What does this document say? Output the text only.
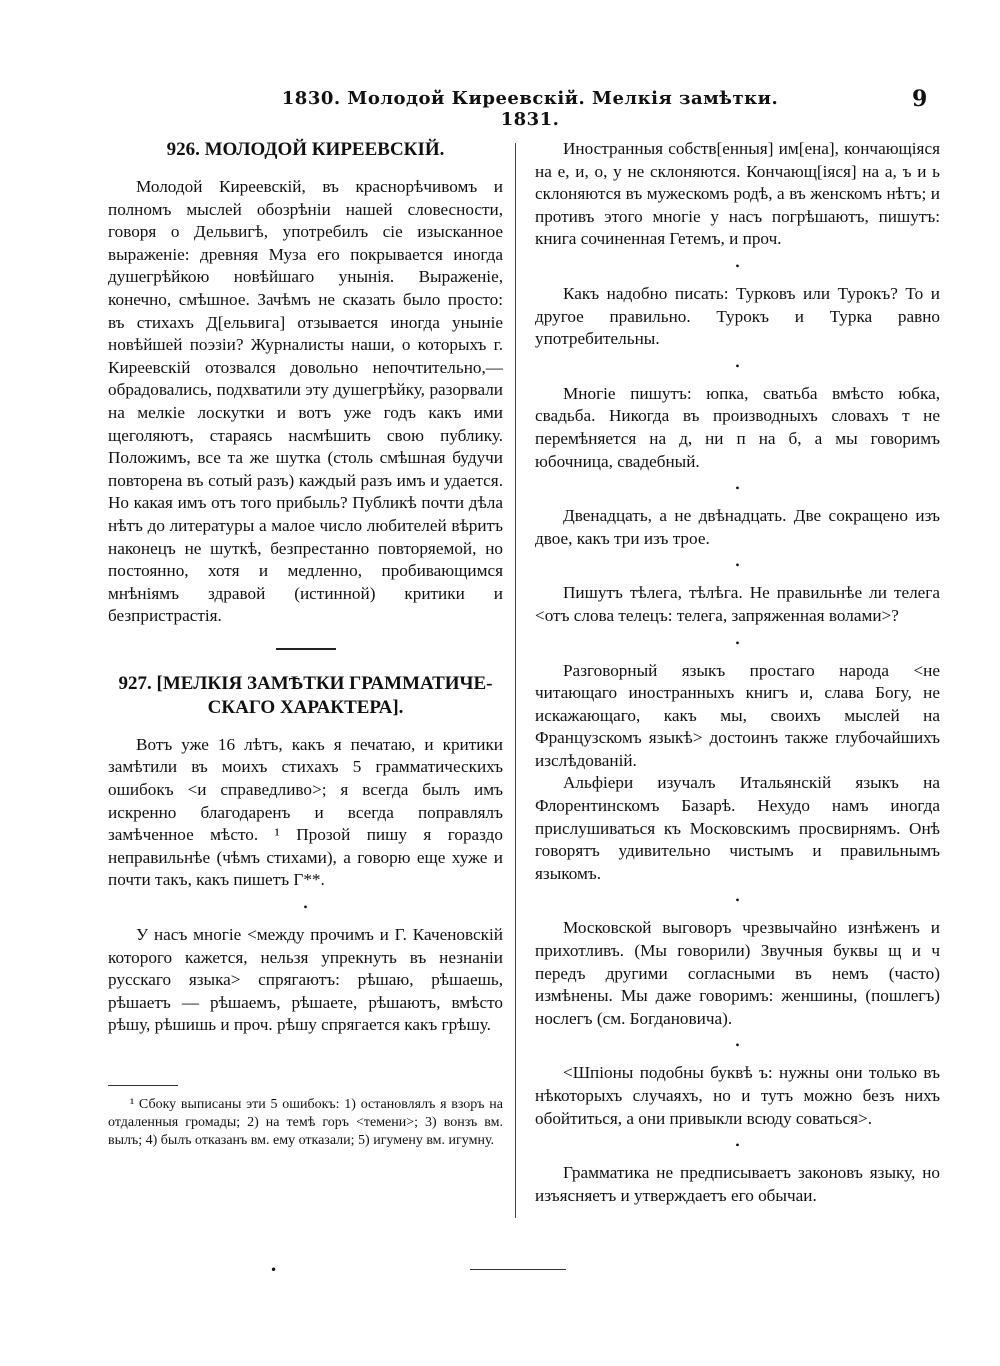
1830. Молодой Киреевскій. Мелкія замѣтки. 1831.
9
926. МОЛОДОЙ КИРЕЕВСКІЙ.

Молодой Киреевскій, въ краснорѣчивомъ и полномъ мыслей обозрѣніи нашей словесности, говоря о Дельвигѣ, употребилъ сіе изысканное выраженіе: древняя Муза его покрывается иногда душегрѣйкою новѣйшаго унынія. Выраженіе, конечно, смѣшное. Зачѣмъ не сказать было просто: въ стихахъ Д[ельвига] отзывается иногда уныніе новѣйшей поэзіи? Журналисты наши, о которыхъ г. Киреевскій отозвался довольно непочтительно,—обрадовались, подхватили эту душегрѣйку, разорвали на мелкіе лоскутки и вотъ уже годъ какъ ими щеголяютъ, стараясь насмѣшить свою публику. Положимъ, все та же шутка (столь смѣшная будучи повторена въ сотый разъ) каждый разъ имъ и удается. Но какая имъ отъ того прибыль? Публикѣ почти дѣла нѣтъ до литературы а малое число любителей вѣритъ наконецъ не шуткѣ, безпрестанно повторяемой, но постоянно, хотя и медленно, пробивающимся мнѣніямъ здравой (истинной) критики и безпристрастія.

927. [МЕЛКІЯ ЗАМѢТКИ ГРАММАТИЧЕ-
СКАГО ХАРАКТЕРА].

Вотъ уже 16 лѣтъ, какъ я печатаю, и критики замѣтили въ моихъ стихахъ 5 грамматическихъ ошибокъ <и справедливо>; я всегда былъ имъ искренно благодаренъ и всегда поправлялъ замѣченное мѣсто. ¹ Прозой пишу я гораздо неправильнѣе (чѣмъ стихами), а говорю еще хуже и почти такъ, какъ пишетъ Г**.

•

У насъ многіе <между прочимъ и Г. Каченовскій которого кажется, нельзя упрекнуть въ незнаніи русскаго языка> спрягаютъ: рѣшаю, рѣшаешь, рѣшаетъ — рѣшаемъ, рѣшаете, рѣшаютъ, вмѣсто рѣшу, рѣшишь и проч. рѣшу спрягается какъ грѣшу.

¹ Сбоку выписаны эти 5 ошибокъ: 1) остановлялъ я взоръ на отдаленныя громады; 2) на темѣ горъ <темени>; 3) вонзъ вм. вылъ; 4) былъ отказанъ вм. ему отказали; 5) игумену вм. игумну.

Иностранныя собств[енныя] им[ена], кончающіяся на е, и, о, у не склоняются. Кончающ[іяся] на а, ъ и ь склоняются въ мужескомъ родѣ, а въ женскомъ нѣтъ; и противъ этого многіе у насъ погрѣшаютъ, пишутъ: книга сочиненная Гетемъ, и проч.

•

Какъ надобно писать: Турковъ или Турокъ? То и другое правильно. Турокъ и Турка равно употребительны.

•

Многіе пишутъ: юпка, сватьба вмѣсто юбка, свадьба. Никогда въ производныхъ словахъ т не перемѣняется на д, ни п на б, а мы говоримъ юбочница, свадебный.

•

Двенадцать, а не двѣнадцать. Две сокращено изъ двое, какъ три изъ трое.

•

Пишутъ тѣлега, тѣлѣга. Не правильнѣе ли телега <отъ слова телецъ: телега, запряженная волами>?

•

Разговорный языкъ простаго народа <не читающаго иностранныхъ книгъ и, слава Богу, не искажающаго, какъ мы, своихъ мыслей на Французскомъ языкѣ> достоинъ также глубочайшихъ изслѣдованій.

Альфіери изучалъ Итальянскій языкъ на Флорентинскомъ Базарѣ. Нехудо намъ иногда прислушиваться къ Московскимъ просвирнямъ. Онѣ говорятъ удивительно чистымъ и правильнымъ языкомъ.

•

Московской выговоръ чрезвычайно изнѣженъ и прихотливъ. (Мы говорили) Звучныя буквы щ и ч передъ другими согласными въ немъ (часто) измѣнены. Мы даже говоримъ: женшины, (пошлегъ) ноcлегъ (см. Богдановича).

•

<Шпіоны подобны буквѣ ъ: нужны они только въ нѣкоторыхъ случаяхъ, но и тутъ можно безъ нихъ обойтиться, а они привыкли всюду соваться>.

•

Грамматика не предписываетъ законовъ языку, но изъясняетъ и утверждаетъ его обычаи.

•
